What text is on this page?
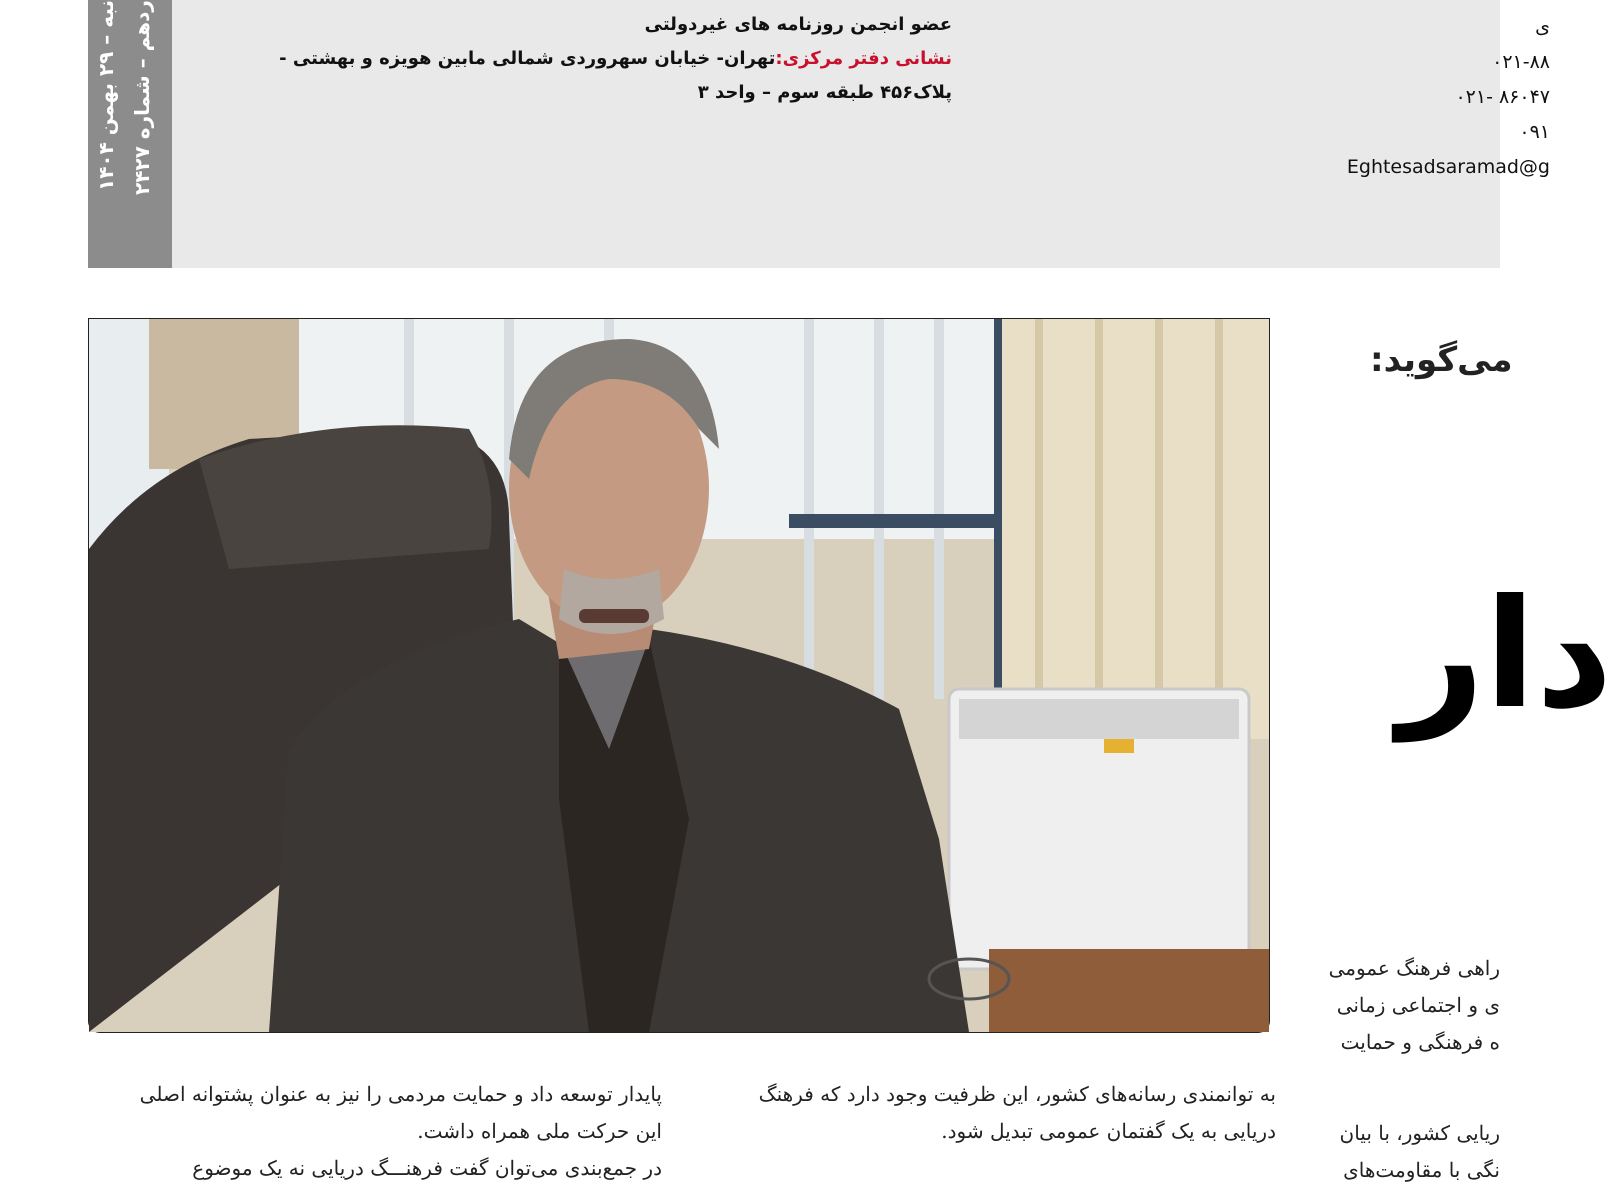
نبه – ۲۹ بهمن ۱۴۰۴
ردهم – شماره ۲۴۲۷	عضو انجمن روزنامه های غیردولتی
نشانی دفتر مرکزی:تهران- خیابان سهروردی شمالی مابین هویزه و بهشتی -
پلاک۴۵۶ طبقه سوم – واحد ۳
ی
۰۲۱-۸۸
۰۲۱- ۸۶۰۴۷
۰۹۱
Eghtesadsaramad@g
می‌گوید:
دار

راهی فرهنگ عمومی

ی و اجتماعی زمانی

ه فرهنگی و حمایت

ریایی کشور، با بیان

نگی با مقاومت‌های

به توانمندی رسانه‌های کشور، این ظرفیت وجود دارد که فرهنگ

دریایی به یک گفتمان عمومی تبدیل شود.

پایدار توسعه داد و حمایت مردمی را نیز به عنوان پشتوانه اصلی

این حرکت ملی همراه داشت.

در جمع‌بندی می‌توان گفت فرهنـــگ دریایی نه یک موضوع
